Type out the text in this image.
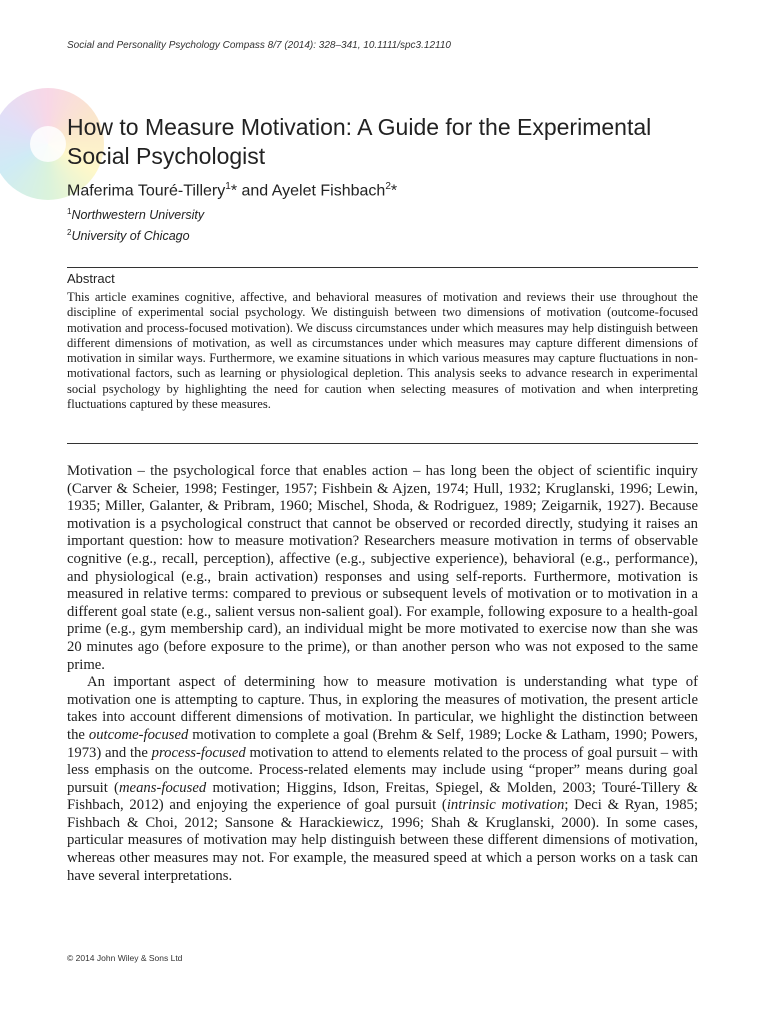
Social and Personality Psychology Compass 8/7 (2014): 328–341, 10.1111/spc3.12110
How to Measure Motivation: A Guide for the Experimental Social Psychologist
Maferima Touré-Tillery$^1$* and Ayelet Fishbach$^2$*
$^1$Northwestern University
$^2$University of Chicago
Abstract

This article examines cognitive, affective, and behavioral measures of motivation and reviews their use throughout the discipline of experimental social psychology. We distinguish between two dimensions of motivation (outcome-focused motivation and process-focused motivation). We discuss circumstances under which measures may help distinguish between different dimensions of motivation, as well as circumstances under which measures may capture different dimensions of motivation in similar ways. Furthermore, we examine situations in which various measures may capture fluctuations in non-motivational factors, such as learning or physiological depletion. This analysis seeks to advance research in experimental social psychology by highlighting the need for caution when selecting measures of motivation and when interpreting fluctuations captured by these measures.

Motivation – the psychological force that enables action – has long been the object of scientific inquiry (Carver & Scheier, 1998; Festinger, 1957; Fishbein & Ajzen, 1974; Hull, 1932; Kruglanski, 1996; Lewin, 1935; Miller, Galanter, & Pribram, 1960; Mischel, Shoda, & Rodriguez, 1989; Zeigarnik, 1927). Because motivation is a psychological construct that cannot be observed or recorded directly, studying it raises an important question: how to measure motivation? Researchers measure motivation in terms of observable cognitive (e.g., recall, perception), affective (e.g., subjective experience), behavioral (e.g., performance), and physiological (e.g., brain activation) responses and using self-reports. Furthermore, motivation is measured in relative terms: compared to previous or subsequent levels of motivation or to motivation in a different goal state (e.g., salient versus non-salient goal). For example, following exposure to a health-goal prime (e.g., gym membership card), an individual might be more motivated to exercise now than she was 20 minutes ago (before exposure to the prime), or than another person who was not exposed to the same prime.

An important aspect of determining how to measure motivation is understanding what type of motivation one is attempting to capture. Thus, in exploring the measures of motivation, the present article takes into account different dimensions of motivation. In particular, we highlight the distinction between the outcome-focused motivation to complete a goal (Brehm & Self, 1989; Locke & Latham, 1990; Powers, 1973) and the process-focused motivation to attend to elements related to the process of goal pursuit – with less emphasis on the outcome. Process-related elements may include using “proper” means during goal pursuit (means-focused motivation; Higgins, Idson, Freitas, Spiegel, & Molden, 2003; Touré-Tillery & Fishbach, 2012) and enjoying the experience of goal pursuit (intrinsic motivation; Deci & Ryan, 1985; Fishbach & Choi, 2012; Sansone & Harackiewicz, 1996; Shah & Kruglanski, 2000). In some cases, particular measures of motivation may help distinguish between these different dimensions of motivation, whereas other measures may not. For example, the measured speed at which a person works on a task can have several interpretations.

© 2014 John Wiley & Sons Ltd
